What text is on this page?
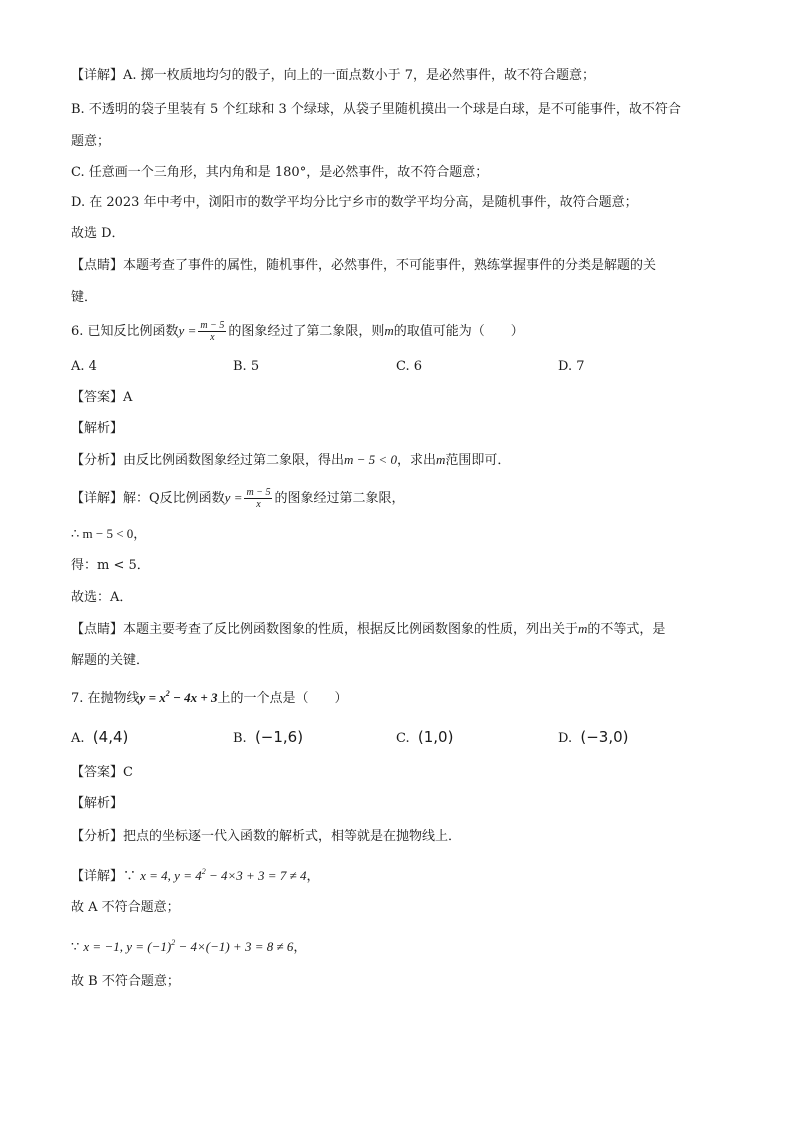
【详解】A. 掷一枚质地均匀的骰子，向上的一面点数小于 7，是必然事件，故不符合题意；
B. 不透明的袋子里装有 5 个红球和 3 个绿球，从袋子里随机摸出一个球是白球，是不可能事件，故不符合
题意；
C. 任意画一个三角形，其内角和是 180°，是必然事件，故不符合题意；
D. 在 2023 年中考中，浏阳市的数学平均分比宁乡市的数学平均分高，是随机事件，故符合题意；
故选 D．
【点睛】本题考查了事件的属性，随机事件，必然事件，不可能事件，熟练掌握事件的分类是解题的关
键．
6. 已知反比例函数$y = \frac{m - 5}{x}$ 的图象经过了第二象限，则m的取值可能为（　　）
A. 4	B. 5	C. 6	D. 7
【答案】A
【解析】
【分析】由反比例函数图象经过第二象限，得出m − 5 < 0，求出m范围即可．
【详解】解：Q反比例函数$y = \frac{m - 5}{x}$ 的图象经过第二象限，
∴ m − 5 < 0，
得：m < 5．
故选：A．
【点睛】本题主要考查了反比例函数图象的性质，根据反比例函数图象的性质，列出关于m的不等式，是
解题的关键．
7. 在抛物线$y = x^2 - 4x + 3$上的一个点是（　　）
A. (4,4)	B. (−1,6)	C. (1,0)	D. (−3,0)
【答案】C
【解析】
【分析】把点的坐标逐一代入函数的解析式，相等就是在抛物线上．
【详解】∵ x = 4, $y = 4^2 - 4\times 3 + 3 = 7 \ne 4$，
故 A 不符合题意；
∵ x = −1, $y = (-1)^2 - 4\times(-1) + 3 = 8 \ne 6$，
故 B 不符合题意；
